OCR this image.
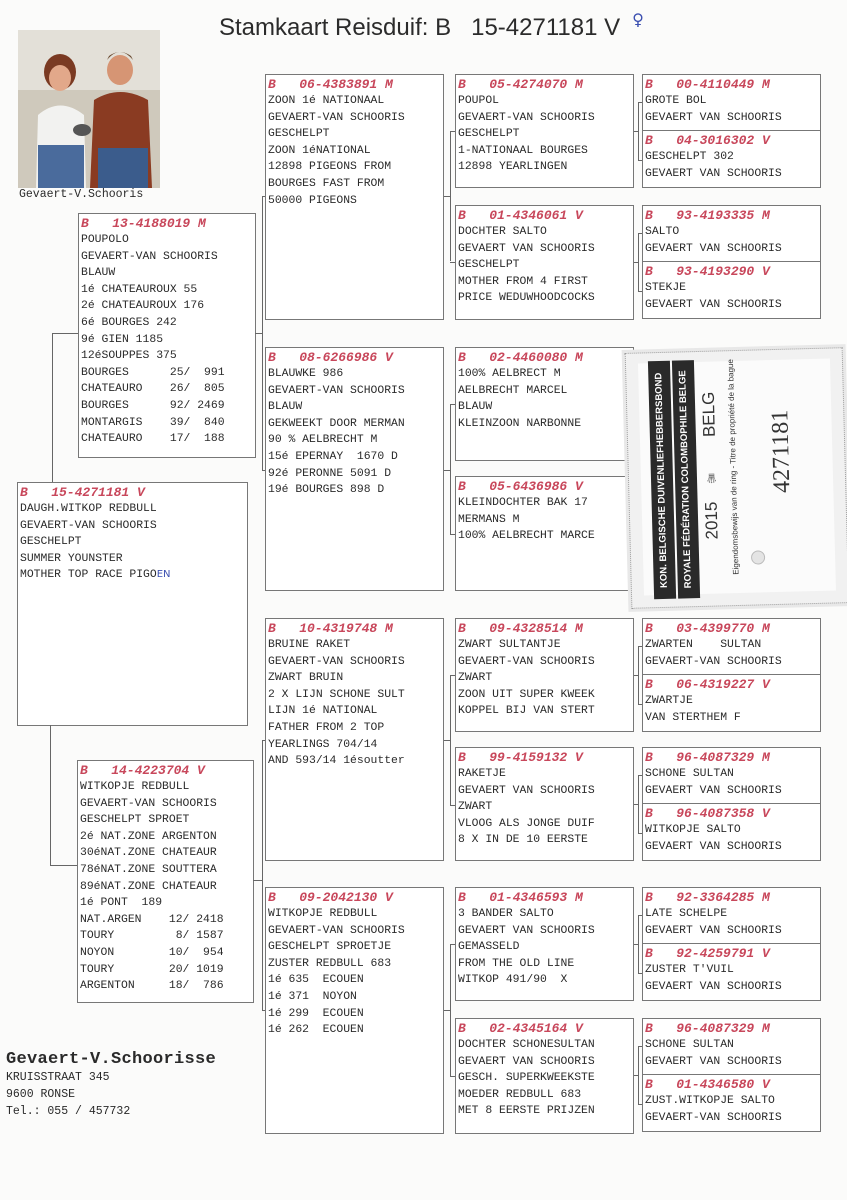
Stamkaart Reisduif: B   15-4271181 V ♀
Gevaert-V.Schooris
B   15-4271181 V
DAUGH.WITKOP REDBULL
GEVAERT-VAN SCHOORIS
GESCHELPT
SUMMER YOUNSTER
MOTHER TOP RACE PIGOEN
B   13-4188019 M
POUPOLO
GEVAERT-VAN SCHOORIS
BLAUW
1é CHATEAUROUX 55
2é CHATEAUROUX 176
6é BOURGES 242
9é GIEN 1185
12éSOUPPES 375
BOURGES      25/  991
CHATEAURO    26/  805
BOURGES      92/ 2469
MONTARGIS    39/  840
CHATEAURO    17/  188
B   14-4223704 V
WITKOPJE REDBULL
GEVAERT-VAN SCHOORIS
GESCHELPT SPROET
2é NAT.ZONE ARGENTON
30éNAT.ZONE CHATEAUR
78éNAT.ZONE SOUTTERA
89éNAT.ZONE CHATEAUR
1é PONT  189
NAT.ARGEN    12/ 2418
TOURY         8/ 1587
NOYON        10/  954
TOURY        20/ 1019
ARGENTON     18/  786
B   06-4383891 M
ZOON 1é NATIONAAL
GEVAERT-VAN SCHOORIS
GESCHELPT
ZOON 1éNATIONAL
12898 PIGEONS FROM
BOURGES FAST FROM
50000 PIGEONS
B   08-6266986 V
BLAUWKE 986
GEVAERT-VAN SCHOORIS
BLAUW
GEKWEEKT DOOR MERMAN
90 % AELBRECHT M
15é EPERNAY  1670 D
92é PERONNE 5091 D
19é BOURGES 898 D
B   10-4319748 M
BRUINE RAKET
GEVAERT-VAN SCHOORIS
ZWART BRUIN
2 X LIJN SCHONE SULT
LIJN 1é NATIONAL
FATHER FROM 2 TOP
YEARLINGS 704/14
AND 593/14 1ésoutter
B   09-2042130 V
WITKOPJE REDBULL
GEVAERT-VAN SCHOORIS
GESCHELPT SPROETJE
ZUSTER REDBULL 683
1é 635  ECOUEN
1é 371  NOYON
1é 299  ECOUEN
1é 262  ECOUEN
B   05-4274070 M
POUPOL
GEVAERT-VAN SCHOORIS
GESCHELPT
1-NATIONAAL BOURGES
12898 YEARLINGEN
B   01-4346061 V
DOCHTER SALTO
GEVAERT VAN SCHOORIS
GESCHELPT
MOTHER FROM 4 FIRST
PRICE WEDUWHOODCOCKS
B   02-4460080 M
100% AELBRECT M
AELBRECHT MARCEL
BLAUW
KLEINZOON NARBONNE
B   05-6436986 V
KLEINDOCHTER BAK 17
MERMANS M
100% AELBRECHT MARCE
B   09-4328514 M
ZWART SULTANTJE
GEVAERT-VAN SCHOORIS
ZWART
ZOON UIT SUPER KWEEK
KOPPEL BIJ VAN STERT
B   99-4159132 V
RAKETJE
GEVAERT VAN SCHOORIS
ZWART
VLOOG ALS JONGE DUIF
8 X IN DE 10 EERSTE
B   01-4346593 M
3 BANDER SALTO
GEVAERT VAN SCHOORIS
GEMASSELD
FROM THE OLD LINE
WITKOP 491/90  X
B   02-4345164 V
DOCHTER SCHONESULTAN
GEVAERT VAN SCHOORIS
GESCH. SUPERKWEEKSTE
MOEDER REDBULL 683
MET 8 EERSTE PRIJZEN
B   00-4110449 M
GROTE BOL
GEVAERT VAN SCHOORIS
B   04-3016302 V
GESCHELPT 302
GEVAERT VAN SCHOORIS
B   93-4193335 M
SALTO
GEVAERT VAN SCHOORIS
B   93-4193290 V
STEKJE
GEVAERT VAN SCHOORIS
B   03-4399770 M
ZWARTEN    SULTAN
GEVAERT-VAN SCHOORIS
B   06-4319227 V
ZWARTJE
VAN STERTHEM F
B   96-4087329 M
SCHONE SULTAN
GEVAERT VAN SCHOORIS
B   96-4087358 V
WITKOPJE SALTO
GEVAERT VAN SCHOORIS
B   92-3364285 M
LATE SCHELPE
GEVAERT VAN SCHOORIS
B   92-4259791 V
ZUSTER T'VUIL
GEVAERT VAN SCHOORIS
B   96-4087329 M
SCHONE SULTAN
GEVAERT VAN SCHOORIS
B   01-4346580 V
ZUST.WITKOPJE SALTO
GEVAERT-VAN SCHOORIS
KON. BELGISCHE DUIVENLIEFHEBBERSBOND ROYALE FÉDÉRATION COLOMBOPHILE BELGE 2015
♛
BELG Eigendomsbewijs van de ring - Titre de propriété de la bague 4271181
Gevaert-V.Schoorisse
KRUISSTRAAT 345
9600 RONSE
Tel.: 055 / 457732
